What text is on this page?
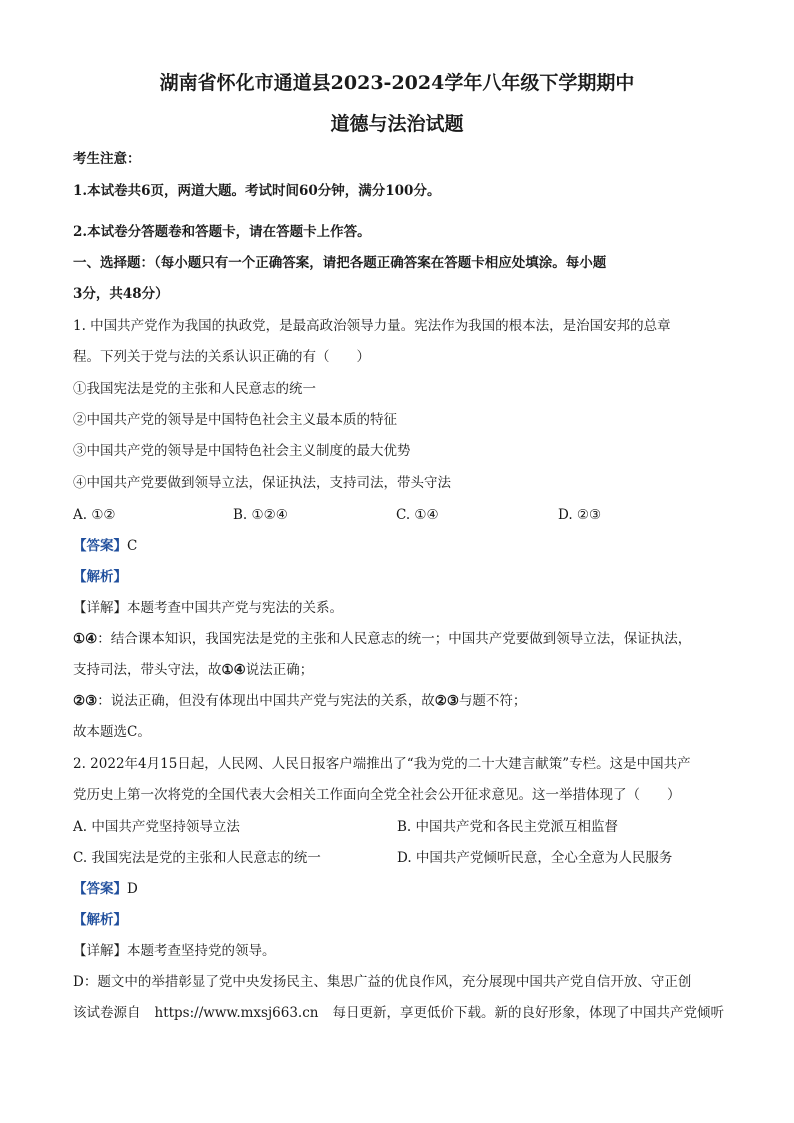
湖南省怀化市通道县2023-2024学年八年级下学期期中
道德与法治试题
考生注意：
1.本试卷共6页，两道大题。考试时间60分钟，满分100分。
2.本试卷分答题卷和答题卡，请在答题卡上作答。
一、选择题：（每小题只有一个正确答案，请把各题正确答案在答题卡相应处填涂。每小题
3分，共48分）
1. 中国共产党作为我国的执政党，是最高政治领导力量。宪法作为我国的根本法，是治国安邦的总章
程。下列关于党与法的关系认识正确的有（　　）
①我国宪法是党的主张和人民意志的统一
②中国共产党的领导是中国特色社会主义最本质的特征
③中国共产党的领导是中国特色社会主义制度的最大优势
④中国共产党要做到领导立法，保证执法，支持司法，带头守法
A. ①②	B. ①②④	C. ①④	D. ②③
【答案】C
【解析】
【详解】本题考查中国共产党与宪法的关系。
①④：结合课本知识，我国宪法是党的主张和人民意志的统一；中国共产党要做到领导立法，保证执法，
支持司法，带头守法，故①④说法正确；
②③：说法正确，但没有体现出中国共产党与宪法的关系，故②③与题不符；
故本题选C。
2. 2022年4月15日起，人民网、人民日报客户端推出了“我为党的二十大建言献策”专栏。这是中国共产
党历史上第一次将党的全国代表大会相关工作面向全党全社会公开征求意见。这一举措体现了（　　）
A. 中国共产党坚持领导立法	B. 中国共产党和各民主党派互相监督
C. 我国宪法是党的主张和人民意志的统一	D. 中国共产党倾听民意，全心全意为人民服务
【答案】D
【解析】
【详解】本题考查坚持党的领导。
D：题文中的举措彰显了党中央发扬民主、集思广益的优良作风，充分展现中国共产党自信开放、守正创
该试卷源自 https://www.mxsj663.cn 每日更新，享更低价下载。新的良好形象，体现了中国共产党倾听
